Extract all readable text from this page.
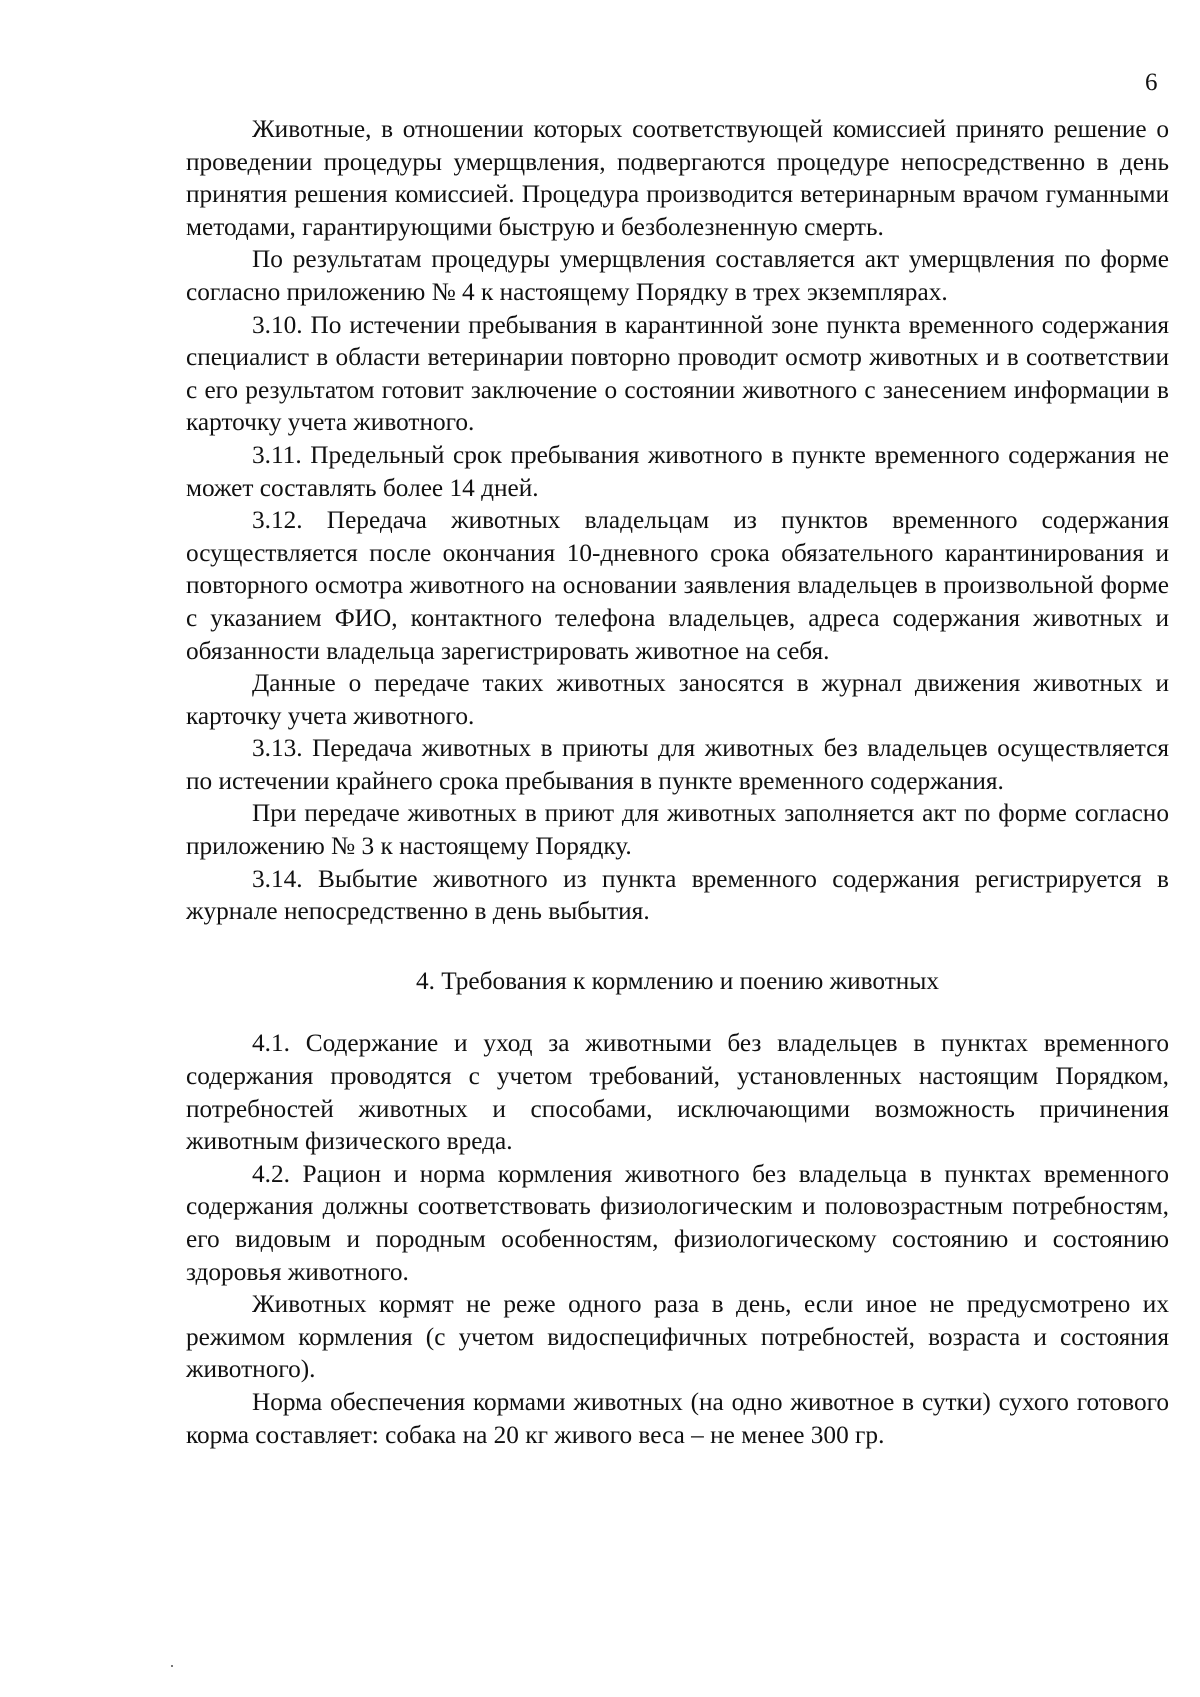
6

Животные, в отношении которых соответствующей комиссией принято решение о проведении процедуры умерщвления, подвергаются процедуре непосредственно в день принятия решения комиссией. Процедура производится ветеринарным врачом гуманными методами, гарантирующими быструю и безболезненную смерть.

По результатам процедуры умерщвления составляется акт умерщвления по форме согласно приложению № 4 к настоящему Порядку в трех экземплярах.

3.10. По истечении пребывания в карантинной зоне пункта временного содержания специалист в области ветеринарии повторно проводит осмотр животных и в соответствии с его результатом готовит заключение о состоянии животного с занесением информации в карточку учета животного.

3.11. Предельный срок пребывания животного в пункте временного содержания не может составлять более 14 дней.

3.12. Передача животных владельцам из пунктов временного содержания осуществляется после окончания 10-дневного срока обязательного карантинирования и повторного осмотра животного на основании заявления владельцев в произвольной форме с указанием ФИО, контактного телефона владельцев, адреса содержания животных и обязанности владельца зарегистрировать животное на себя.

Данные о передаче таких животных заносятся в журнал движения животных и карточку учета животного.

3.13. Передача животных в приюты для животных без владельцев осуществляется по истечении крайнего срока пребывания в пункте временного содержания.

При передаче животных в приют для животных заполняется акт по форме согласно приложению № 3 к настоящему Порядку.

3.14. Выбытие животного из пункта временного содержания регистрируется в журнале непосредственно в день выбытия.

4. Требования к кормлению и поению животных

4.1. Содержание и уход за животными без владельцев в пунктах временного содержания проводятся с учетом требований, установленных настоящим Порядком, потребностей животных и способами, исключающими возможность причинения животным физического вреда.

4.2. Рацион и норма кормления животного без владельца в пунктах временного содержания должны соответствовать физиологическим и половозрастным потребностям, его видовым и породным особенностям, физиологическому состоянию и состоянию здоровья животного.

Животных кормят не реже одного раза в день, если иное не предусмотрено их режимом кормления (с учетом видоспецифичных потребностей, возраста и состояния животного).

Норма обеспечения кормами животных (на одно животное в сутки) сухого готового корма составляет: собака на 20 кг живого веса – не менее 300 гр.
